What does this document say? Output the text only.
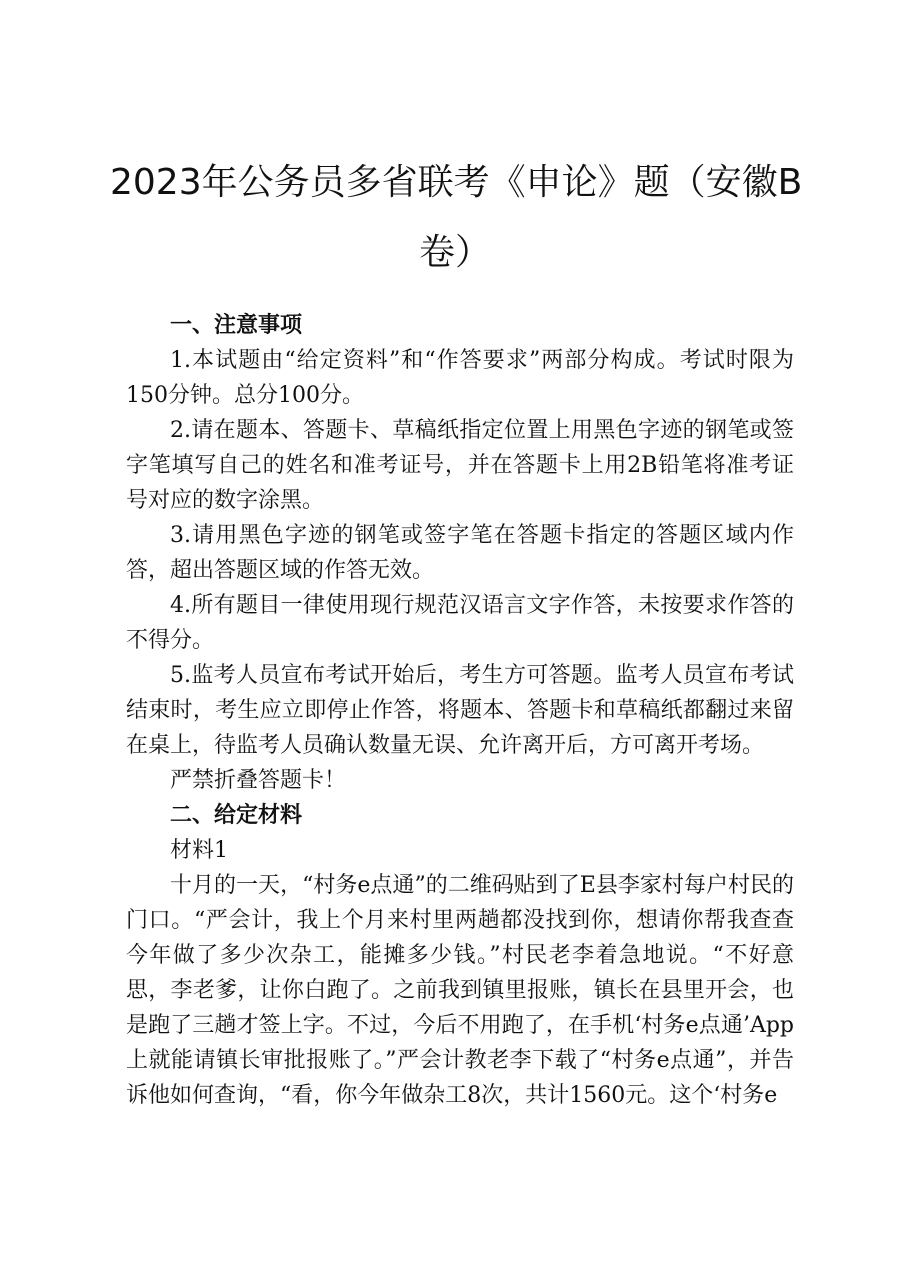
2023年公务员多省联考《申论》题（安徽B
卷）

一、注意事项

1.本试题由“给定资料”和“作答要求”两部分构成。考试时限为150分钟。总分100分。

2.请在题本、答题卡、草稿纸指定位置上用黑色字迹的钢笔或签字笔填写自己的姓名和准考证号，并在答题卡上用2B铅笔将准考证号对应的数字涂黑。

3.请用黑色字迹的钢笔或签字笔在答题卡指定的答题区域内作答，超出答题区域的作答无效。

4.所有题目一律使用现行规范汉语言文字作答，未按要求作答的不得分。

5.监考人员宣布考试开始后，考生方可答题。监考人员宣布考试结束时，考生应立即停止作答，将题本、答题卡和草稿纸都翻过来留在桌上，待监考人员确认数量无误、允许离开后，方可离开考场。

严禁折叠答题卡！

二、给定材料

材料1

十月的一天，“村务e点通”的二维码贴到了E县李家村每户村民的门口。“严会计，我上个月来村里两趟都没找到你，想请你帮我查查今年做了多少次杂工，能摊多少钱。”村民老李着急地说。“不好意思，李老爹，让你白跑了。之前我到镇里报账，镇长在县里开会，也是跑了三趟才签上字。不过，今后不用跑了，在手机‘村务e点通’App上就能请镇长审批报账了。”严会计教老李下载了“村务e点通”，并告诉他如何查询，“看，你今年做杂工8次，共计1560元。这个‘村务e
